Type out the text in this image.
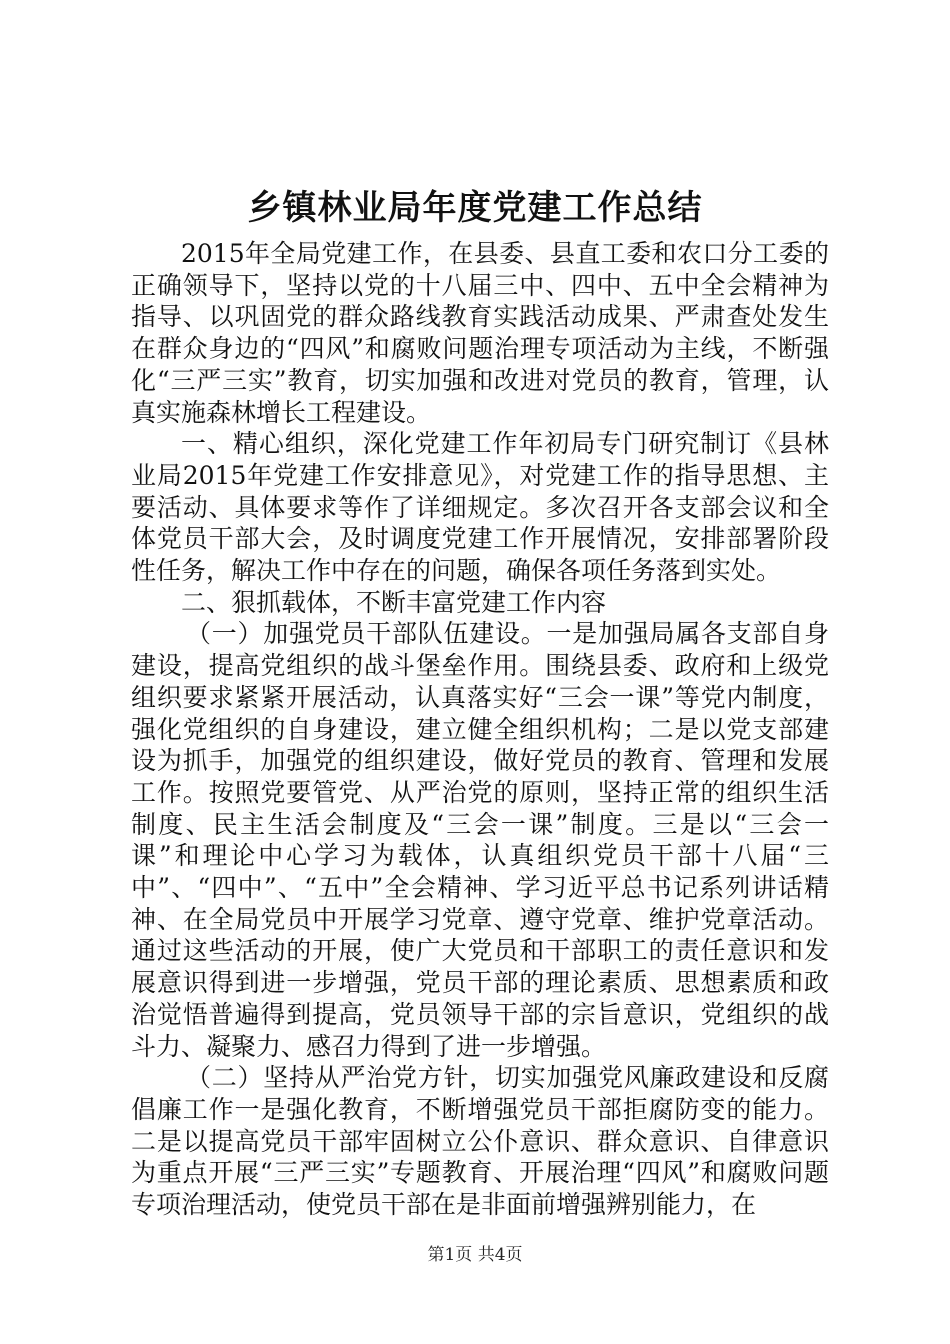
乡镇林业局年度党建工作总结

2015年全局党建工作，在县委、县直工委和农口分工委的正确领导下，坚持以党的十八届三中、四中、五中全会精神为指导、以巩固党的群众路线教育实践活动成果、严肃查处发生在群众身边的“四风”和腐败问题治理专项活动为主线，不断强化“三严三实”教育，切实加强和改进对党员的教育，管理，认真实施森林增长工程建设。

一、精心组织，深化党建工作年初局专门研究制订《县林业局2015年党建工作安排意见》，对党建工作的指导思想、主要活动、具体要求等作了详细规定。多次召开各支部会议和全体党员干部大会，及时调度党建工作开展情况，安排部署阶段性任务，解决工作中存在的问题，确保各项任务落到实处。

二、狠抓载体，不断丰富党建工作内容

（一）加强党员干部队伍建设。一是加强局属各支部自身建设，提高党组织的战斗堡垒作用。围绕县委、政府和上级党组织要求紧紧开展活动，认真落实好“三会一课”等党内制度，强化党组织的自身建设，建立健全组织机构；二是以党支部建设为抓手，加强党的组织建设，做好党员的教育、管理和发展工作。按照党要管党、从严治党的原则，坚持正常的组织生活制度、民主生活会制度及“三会一课”制度。三是以“三会一课”和理论中心学习为载体，认真组织党员干部十八届“三中”、“四中”、“五中”全会精神、学习近平总书记系列讲话精神、在全局党员中开展学习党章、遵守党章、维护党章活动。通过这些活动的开展，使广大党员和干部职工的责任意识和发展意识得到进一步增强，党员干部的理论素质、思想素质和政治觉悟普遍得到提高，党员领导干部的宗旨意识，党组织的战斗力、凝聚力、感召力得到了进一步增强。

（二）坚持从严治党方针，切实加强党风廉政建设和反腐倡廉工作一是强化教育，不断增强党员干部拒腐防变的能力。二是以提高党员干部牢固树立公仆意识、群众意识、自律意识为重点开展“三严三实”专题教育、开展治理“四风”和腐败问题专项治理活动，使党员干部在是非面前增强辨别能力，在

第1页 共4页
